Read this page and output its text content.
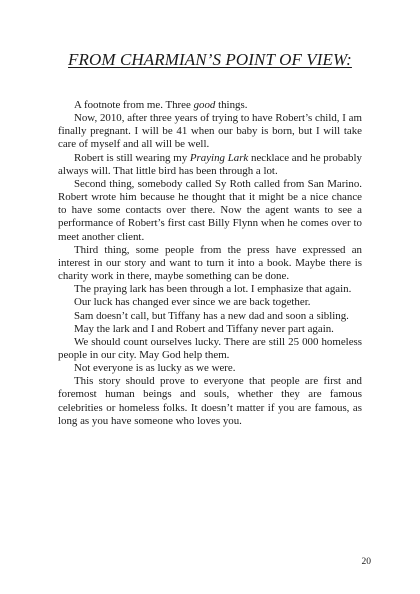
FROM CHARMIAN’S POINT OF VIEW:

A footnote from me. Three good things.

Now, 2010, after three years of trying to have Robert’s child, I am finally pregnant. I will be 41 when our baby is born, but I will take care of myself and all will be well.

Robert is still wearing my Praying Lark necklace and he probably always will. That little bird has been through a lot.

Second thing, somebody called Sy Roth called from San Marino. Robert wrote him because he thought that it might be a nice chance to have some contacts over there. Now the agent wants to see a performance of Robert’s first cast Billy Flynn when he comes over to meet another client.

Third thing, some people from the press have expressed an interest in our story and want to turn it into a book. Maybe there is charity work in there, maybe something can be done.

The praying lark has been through a lot. I emphasize that again.

Our luck has changed ever since we are back together.

Sam doesn’t call, but Tiffany has a new dad and soon a sibling.

May the lark and I and Robert and Tiffany never part again.

We should count ourselves lucky. There are still 25 000 homeless people in our city. May God help them.

Not everyone is as lucky as we were.

This story should prove to everyone that people are first and foremost human beings and souls, whether they are famous celebrities or homeless folks. It doesn’t matter if you are famous, as long as you have someone who loves you.

20
